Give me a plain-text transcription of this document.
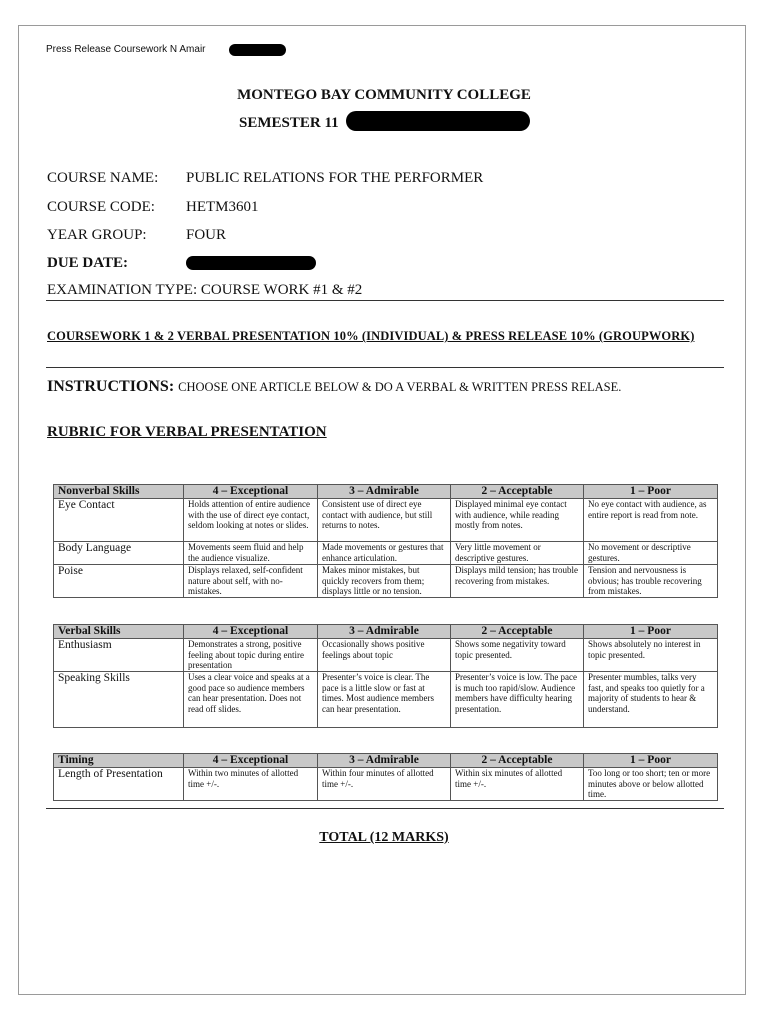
Press Release Coursework N Amair
MONTEGO BAY COMMUNITY COLLEGE
SEMESTER 11
COURSE NAME: PUBLIC RELATIONS FOR THE PERFORMER
COURSE CODE: HETM3601
YEAR GROUP:	FOUR
DUE DATE:
EXAMINATION TYPE: COURSE WORK #1 & #2
COURSEWORK 1 & 2 VERBAL PRESENTATION 10% (INDIVIDUAL) & PRESS RELEASE 10% (GROUPWORK)
INSTRUCTIONS: CHOOSE ONE ARTICLE BELOW & DO A VERBAL & WRITTEN PRESS RELASE.
RUBRIC FOR VERBAL PRESENTATION
Nonverbal Skills	4 – Exceptional	3 – Admirable	2 – Acceptable	1 – Poor
Eye Contact	Holds attention of entire audience with the use of direct eye contact, seldom looking at notes or slides.	Consistent use of direct eye contact with audience, but still returns to notes.	Displayed minimal eye contact with audience, while reading mostly from notes.	No eye contact with audience, as entire report is read from note.
Body Language	Movements seem fluid and help the audience visualize.	Made movements or gestures that enhance articulation.	Very little movement or descriptive gestures.	No movement or descriptive gestures.
Poise	Displays relaxed, self-confident nature about self, with no-mistakes.	Makes minor mistakes, but quickly recovers from them; displays little or no tension.	Displays mild tension; has trouble recovering from mistakes.	Tension and nervousness is obvious; has trouble recovering from mistakes.
Verbal Skills	4 – Exceptional	3 – Admirable	2 – Acceptable	1 – Poor
Enthusiasm	Demonstrates a strong, positive feeling about topic during entire presentation	Occasionally shows positive feelings about topic	Shows some negativity toward topic presented.	Shows absolutely no interest in topic presented.
Speaking Skills	Uses a clear voice and speaks at a good pace so audience members can hear presentation. Does not read off slides.	Presenter’s voice is clear. The pace is a little slow or fast at times. Most audience members can hear presentation.	Presenter’s voice is low. The pace is much too rapid/slow. Audience members have difficulty hearing presentation.	Presenter mumbles, talks very fast, and speaks too quietly for a majority of students to hear & understand.
Timing	4 – Exceptional	3 – Admirable	2 – Acceptable	1 – Poor
Length of Presentation	Within two minutes of allotted time +/-.	Within four minutes of allotted time +/-.	Within six minutes of allotted time +/-.	Too long or too short; ten or more minutes above or below allotted time.
TOTAL (12 MARKS)
